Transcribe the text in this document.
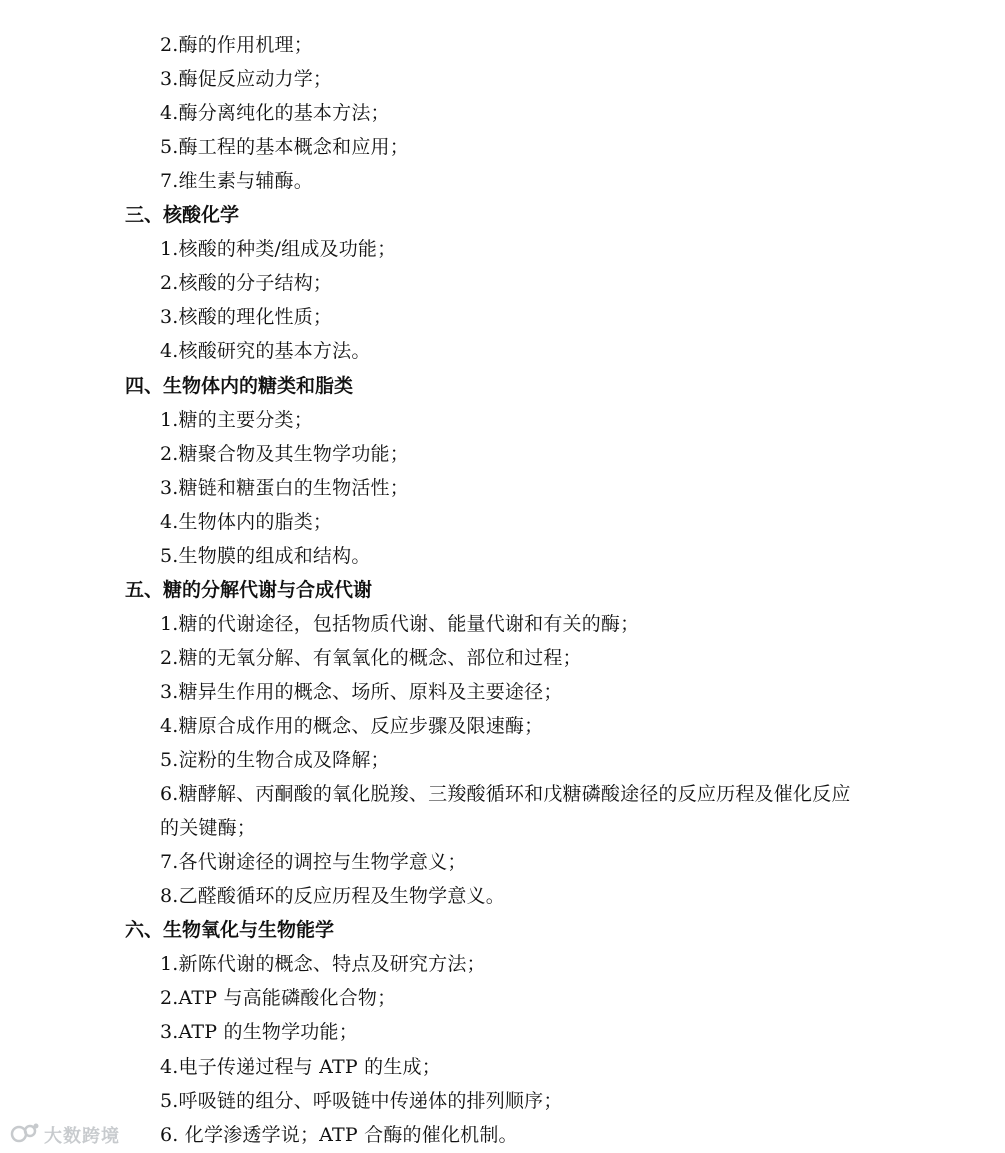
2.酶的作用机理；
3.酶促反应动力学；
4.酶分离纯化的基本方法；
5.酶工程的基本概念和应用；
7.维生素与辅酶。
三、核酸化学
1.核酸的种类/组成及功能；
2.核酸的分子结构；
3.核酸的理化性质；
4.核酸研究的基本方法。
四、生物体内的糖类和脂类
1.糖的主要分类；
2.糖聚合物及其生物学功能；
3.糖链和糖蛋白的生物活性；
4.生物体内的脂类；
5.生物膜的组成和结构。
五、糖的分解代谢与合成代谢
1.糖的代谢途径，包括物质代谢、能量代谢和有关的酶；
2.糖的无氧分解、有氧氧化的概念、部位和过程；
3.糖异生作用的概念、场所、原料及主要途径；
4.糖原合成作用的概念、反应步骤及限速酶；
5.淀粉的生物合成及降解；
6.糖酵解、丙酮酸的氧化脱羧、三羧酸循环和戊糖磷酸途径的反应历程及催化反应
的关键酶；
7.各代谢途径的调控与生物学意义；
8.乙醛酸循环的反应历程及生物学意义。
六、生物氧化与生物能学
1.新陈代谢的概念、特点及研究方法；
2.ATP 与高能磷酸化合物；
3.ATP 的生物学功能；
4.电子传递过程与 ATP 的生成；
5.呼吸链的组分、呼吸链中传递体的排列顺序；
6. 化学渗透学说；ATP 合酶的催化机制。
大数跨境
